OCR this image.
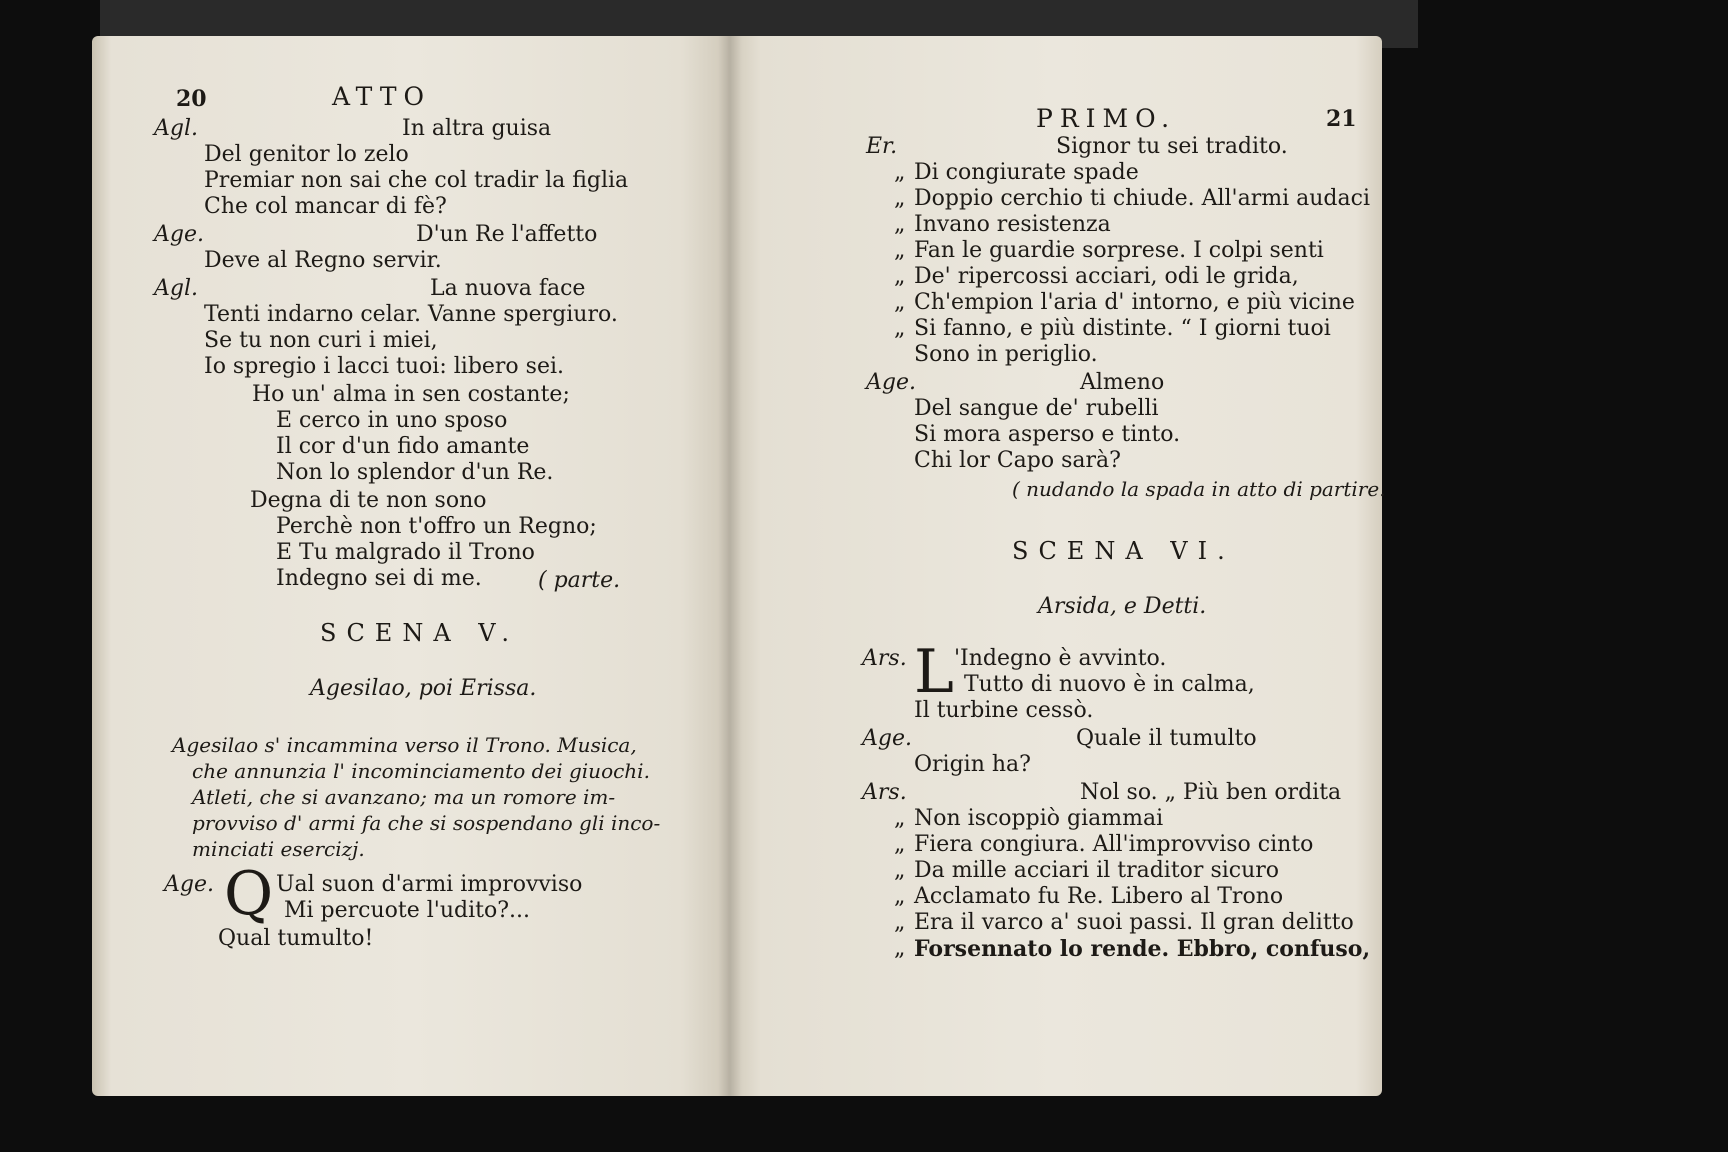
20	ATTO
Agl.	In altra guisa
Del genitor lo zelo
Premiar non sai che col tradir la figlia
Che col mancar di fè?
Age.	D'un Re l'affetto
Deve al Regno servir.
Agl.	La nuova face
Tenti indarno celar. Vanne spergiuro.
Se tu non curi i miei,
Io spregio i lacci tuoi: libero sei.
Ho un' alma in sen costante;
E cerco in uno sposo
Il cor d'un fido amante
Non lo splendor d'un Re.
Degna di te non sono
Perchè non t'offro un Regno;
E Tu malgrado il Trono
Indegno sei di me.	( parte.
SCENA V.
Agesilao, poi Erissa.
Agesilao s' incammina verso il Trono. Musica,
che annunzia l' incominciamento dei giuochi.
Atleti, che si avanzano; ma un romore im-
provviso d' armi fa che si sospendano gli inco-
minciati esercizj.
Age. Q Ual suon d'armi improvviso
Mi percuote l'udito?...
Qual tumulto!
PRIMO.	21
Er.	Signor tu sei tradito.
„ Di congiurate spade
„ Doppio cerchio ti chiude. All'armi audaci
„ Invano resistenza
„ Fan le guardie sorprese. I colpi senti
„ De' ripercossi acciari, odi le grida,
„ Ch'empion l'aria d' intorno, e più vicine
„ Si fanno, e più distinte. “ I giorni tuoi
Sono in periglio.
Age.	Almeno
Del sangue de' rubelli
Si mora asperso e tinto.
Chi lor Capo sarà?
( nudando la spada in atto di partire.
SCENA VI.
Arsida, e Detti.
Ars. L 'Indegno è avvinto.
Tutto di nuovo è in calma,
Il turbine cessò.
Age.	Quale il tumulto
Origin ha?
Ars.	Nol so. „ Più ben ordita
„ Non iscoppiò giammai
„ Fiera congiura. All'improvviso cinto
„ Da mille acciari il traditor sicuro
„ Acclamato fu Re. Libero al Trono
„ Era il varco a' suoi passi. Il gran delitto
„ Forsennato lo rende. Ebbro, confuso,
